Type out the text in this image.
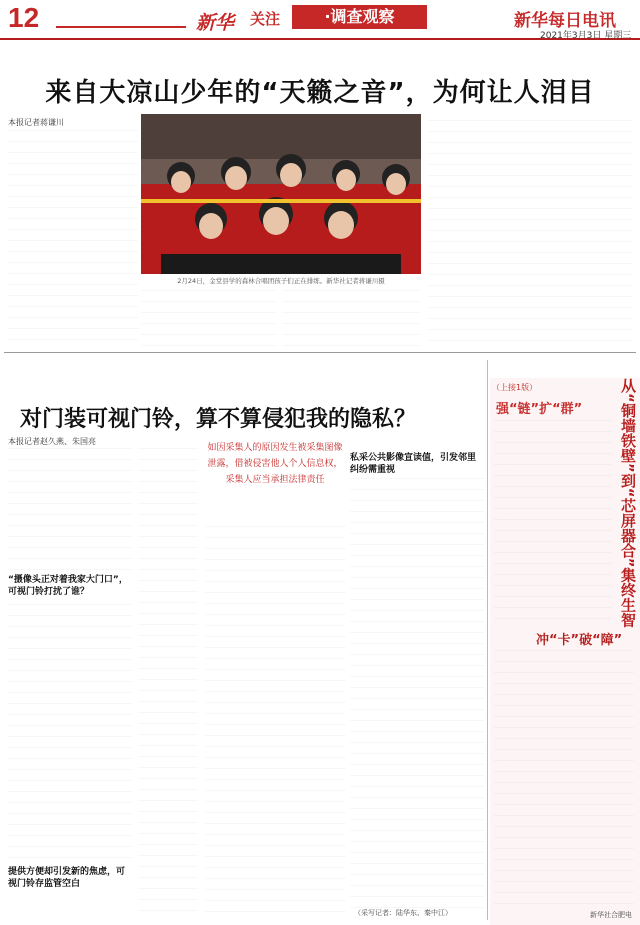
12	新华 关注	·调查观察	新华每日电讯
2021年3月3日 星期三
来自大凉山少年的“天籁之音”，为何让人泪目
本报记者蒋谦川
2月24日，金堂县学的森林合唱团孩子们正在排练。新华社记者蒋谦川摄
对门装可视门铃，算不算侵犯我的隐私？
本报记者赵久燕、朱国亮
“摄像头正对着我家大门口”，可视门铃打扰了谁？
提供方便却引发新的焦虑，可视门铃存监管空白
如因采集人的原因发生被采集图像泄露，借被侵害他人个人信息权，采集人应当承担法律责任
私采公共影像宣读值，引发邻里纠纷需重视
（采写记者：陆华东、秦中江）
（上接1版）
强“链”扩“群” 从“铜墙铁壁”到“芯屏器合”集终生智
冲“卡”破“障”
新华社合肥电
